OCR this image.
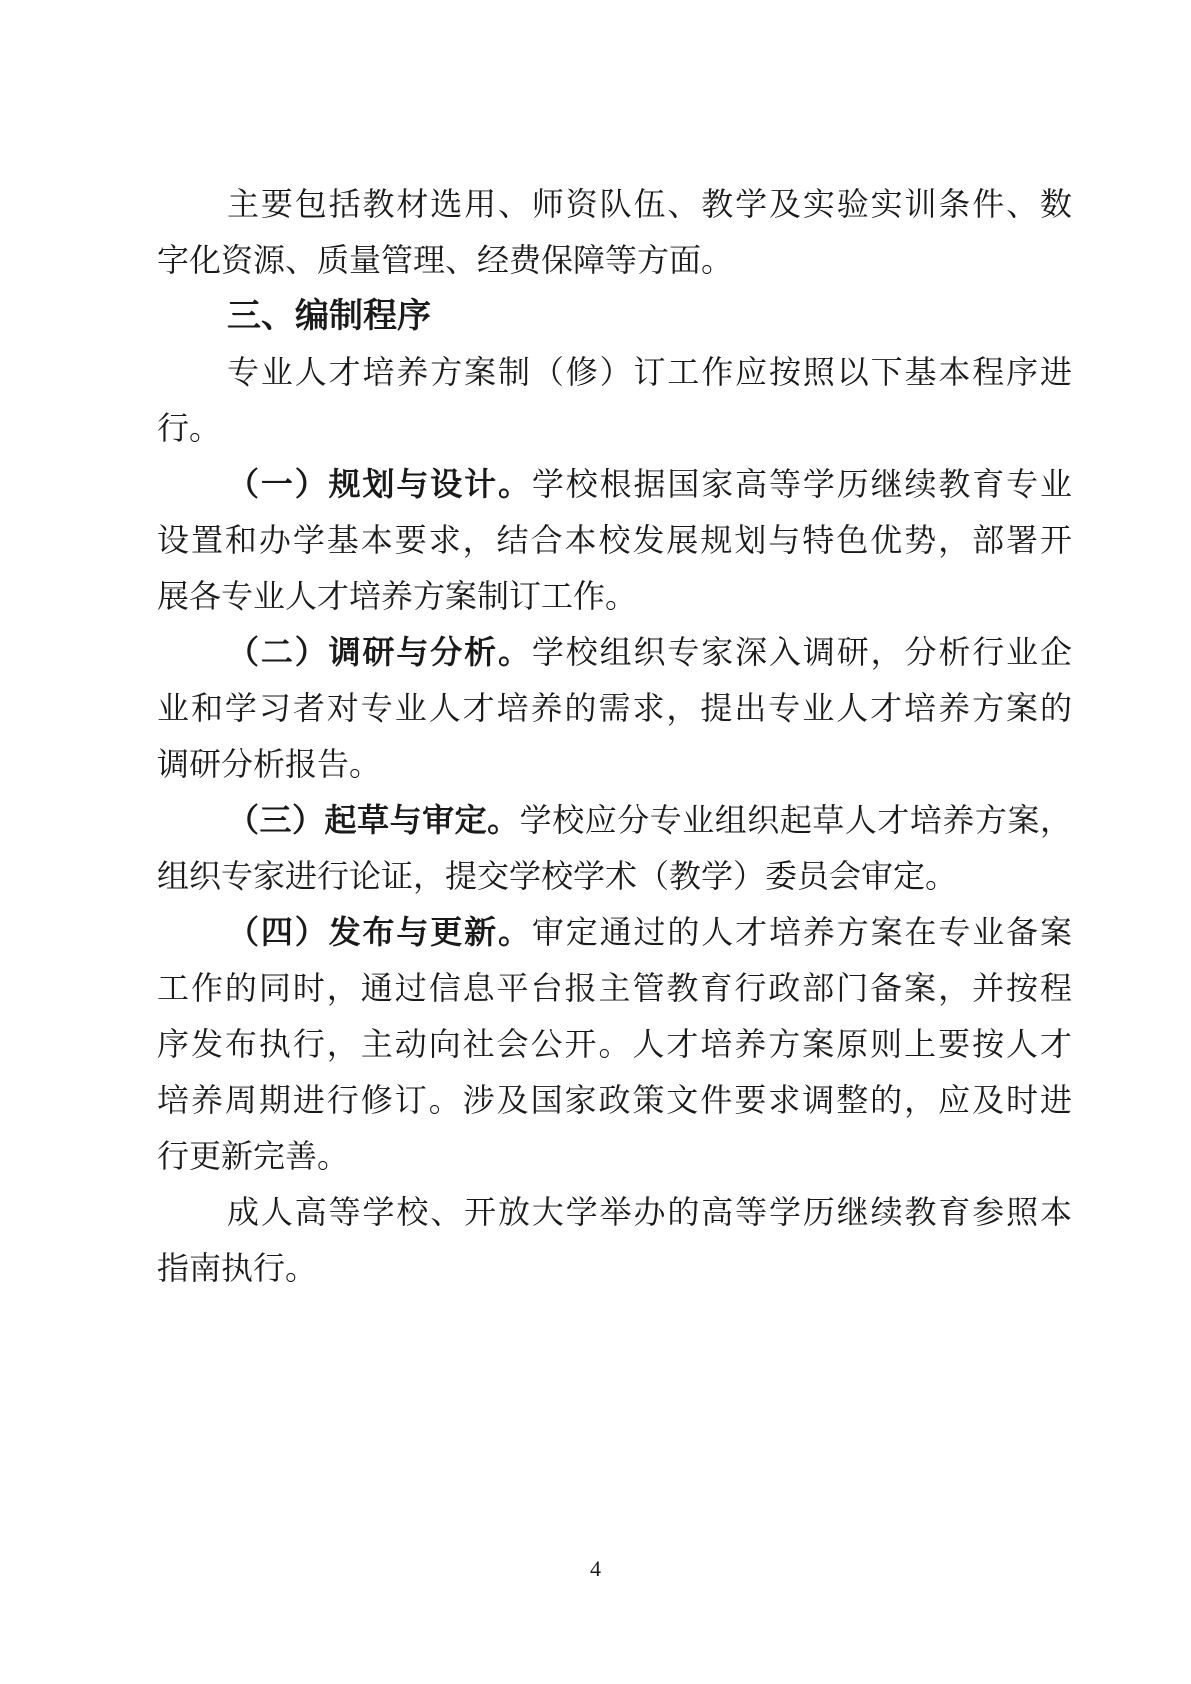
主要包括教材选用、师资队伍、教学及实验实训条件、数
字化资源、质量管理、经费保障等方面。
三、编制程序
专业人才培养方案制（修）订工作应按照以下基本程序进
行。
（一）规划与设计。学校根据国家高等学历继续教育专业
设置和办学基本要求，结合本校发展规划与特色优势，部署开
展各专业人才培养方案制订工作。
（二）调研与分析。学校组织专家深入调研，分析行业企
业和学习者对专业人才培养的需求，提出专业人才培养方案的
调研分析报告。
（三）起草与审定。学校应分专业组织起草人才培养方案，
组织专家进行论证，提交学校学术（教学）委员会审定。
（四）发布与更新。审定通过的人才培养方案在专业备案
工作的同时，通过信息平台报主管教育行政部门备案，并按程
序发布执行，主动向社会公开。人才培养方案原则上要按人才
培养周期进行修订。涉及国家政策文件要求调整的，应及时进
行更新完善。
成人高等学校、开放大学举办的高等学历继续教育参照本
指南执行。
4
